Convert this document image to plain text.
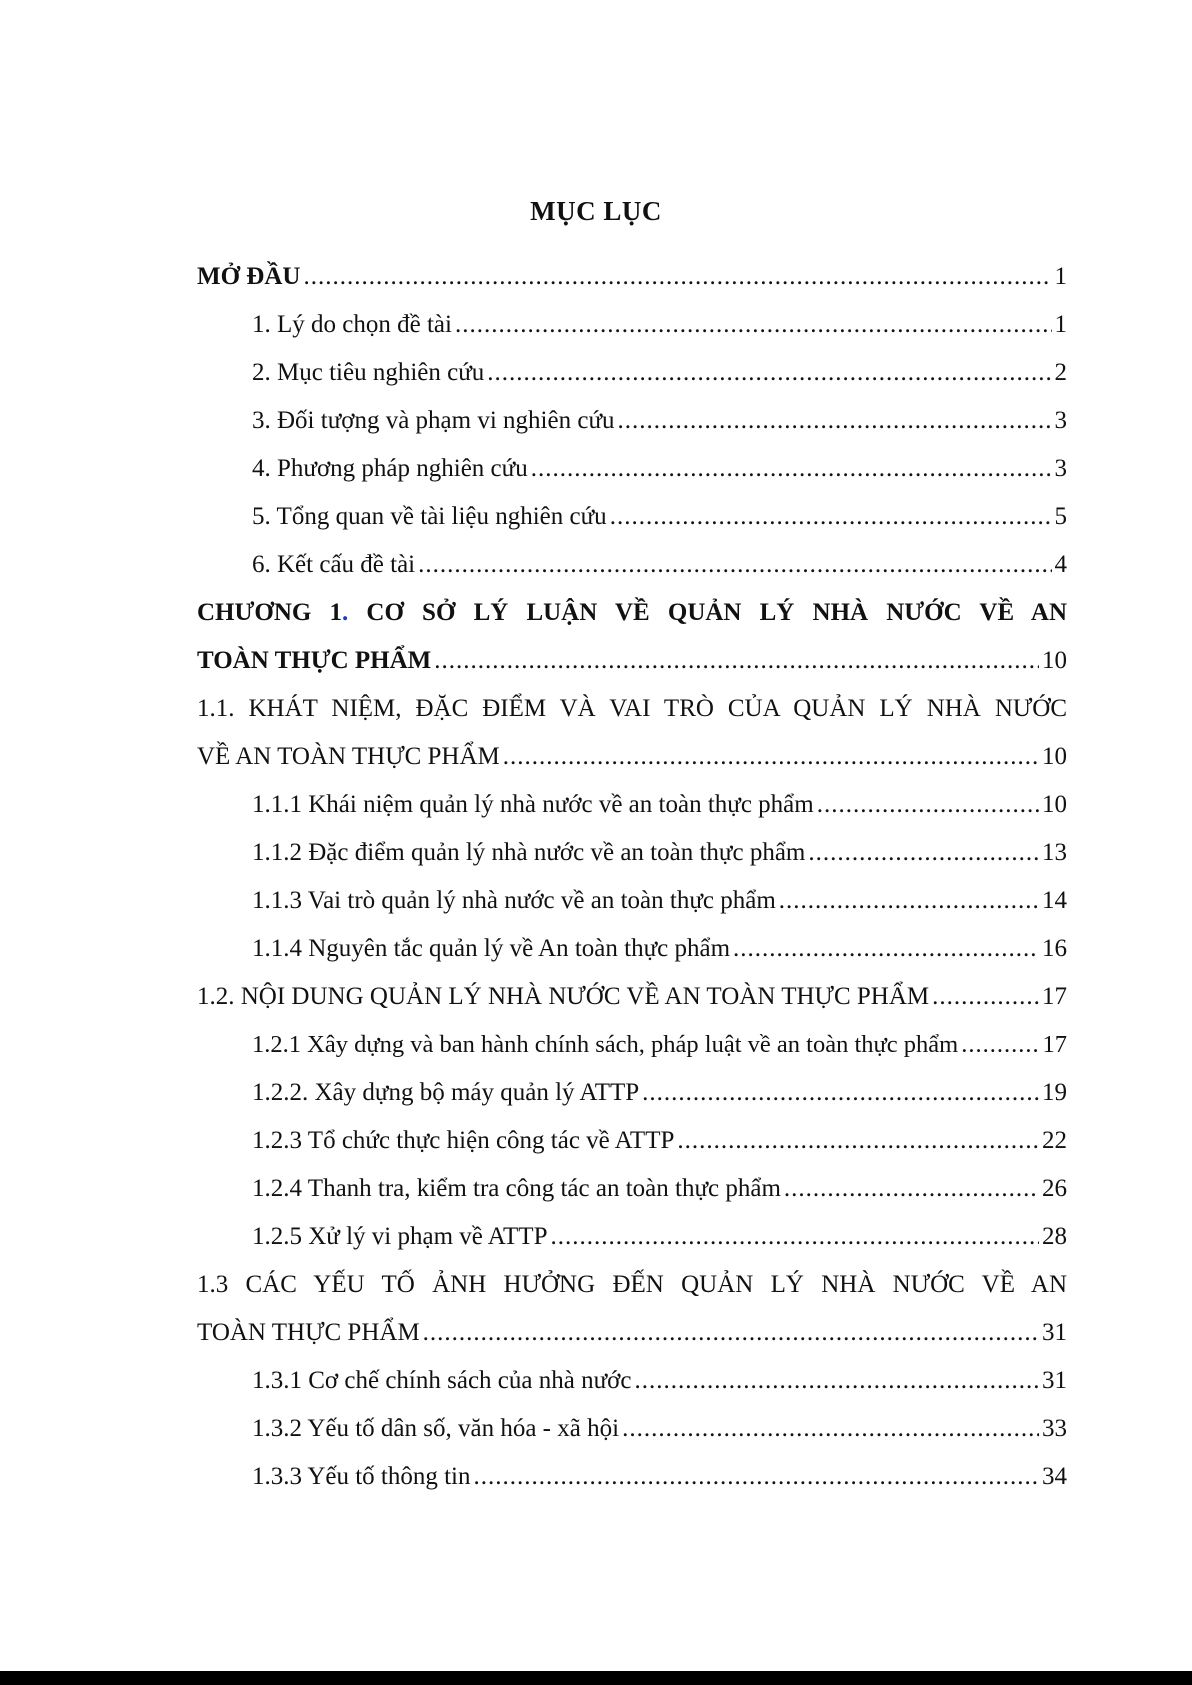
MỤC LỤC
MỞ ĐẦU .....	1
1. Lý do chọn đề tài .....	1
2. Mục tiêu nghiên cứu .....	2
3. Đối tượng và phạm vi nghiên cứu .....	3
4. Phương pháp nghiên cứu .....	3
5. Tổng quan về tài liệu nghiên cứu .....	5
6. Kết cấu đề tài .....	4
CHƯƠNG 1. CƠ SỞ LÝ LUẬN VỀ QUẢN LÝ NHÀ NƯỚC VỀ AN
TOÀN THỰC PHẨM .....	10
1.1. KHÁT NIỆM, ĐẶC ĐIỂM VÀ VAI TRÒ CỦA QUẢN LÝ NHÀ NƯỚC
VỀ AN TOÀN THỰC PHẨM .....	10
1.1.1 Khái niệm quản lý nhà nước về an toàn thực phẩm .....	10
1.1.2 Đặc điểm quản lý nhà nước về an toàn thực phẩm .....	13
1.1.3 Vai trò quản lý nhà nước về an toàn thực phẩm .....	14
1.1.4 Nguyên tắc quản lý về An toàn thực phẩm .....	16
1.2. NỘI DUNG QUẢN LÝ NHÀ NƯỚC VỀ AN TOÀN THỰC PHẨM .....	17
1.2.1 Xây dựng và ban hành chính sách, pháp luật về an toàn thực phẩm .....	17
1.2.2. Xây dựng bộ máy quản lý ATTP .....	19
1.2.3 Tổ chức thực hiện công tác về ATTP .....	22
1.2.4 Thanh tra, kiểm tra công tác an toàn thực phẩm .....	26
1.2.5 Xử lý vi phạm về ATTP .....	28
1.3 CÁC YẾU TỐ ẢNH HƯỞNG ĐẾN QUẢN LÝ NHÀ NƯỚC VỀ AN
TOÀN THỰC PHẨM .....	31
1.3.1 Cơ chế chính sách của nhà nước .....	31
1.3.2 Yếu tố dân số, văn hóa - xã hội .....	33
1.3.3 Yếu tố thông tin .....	34
